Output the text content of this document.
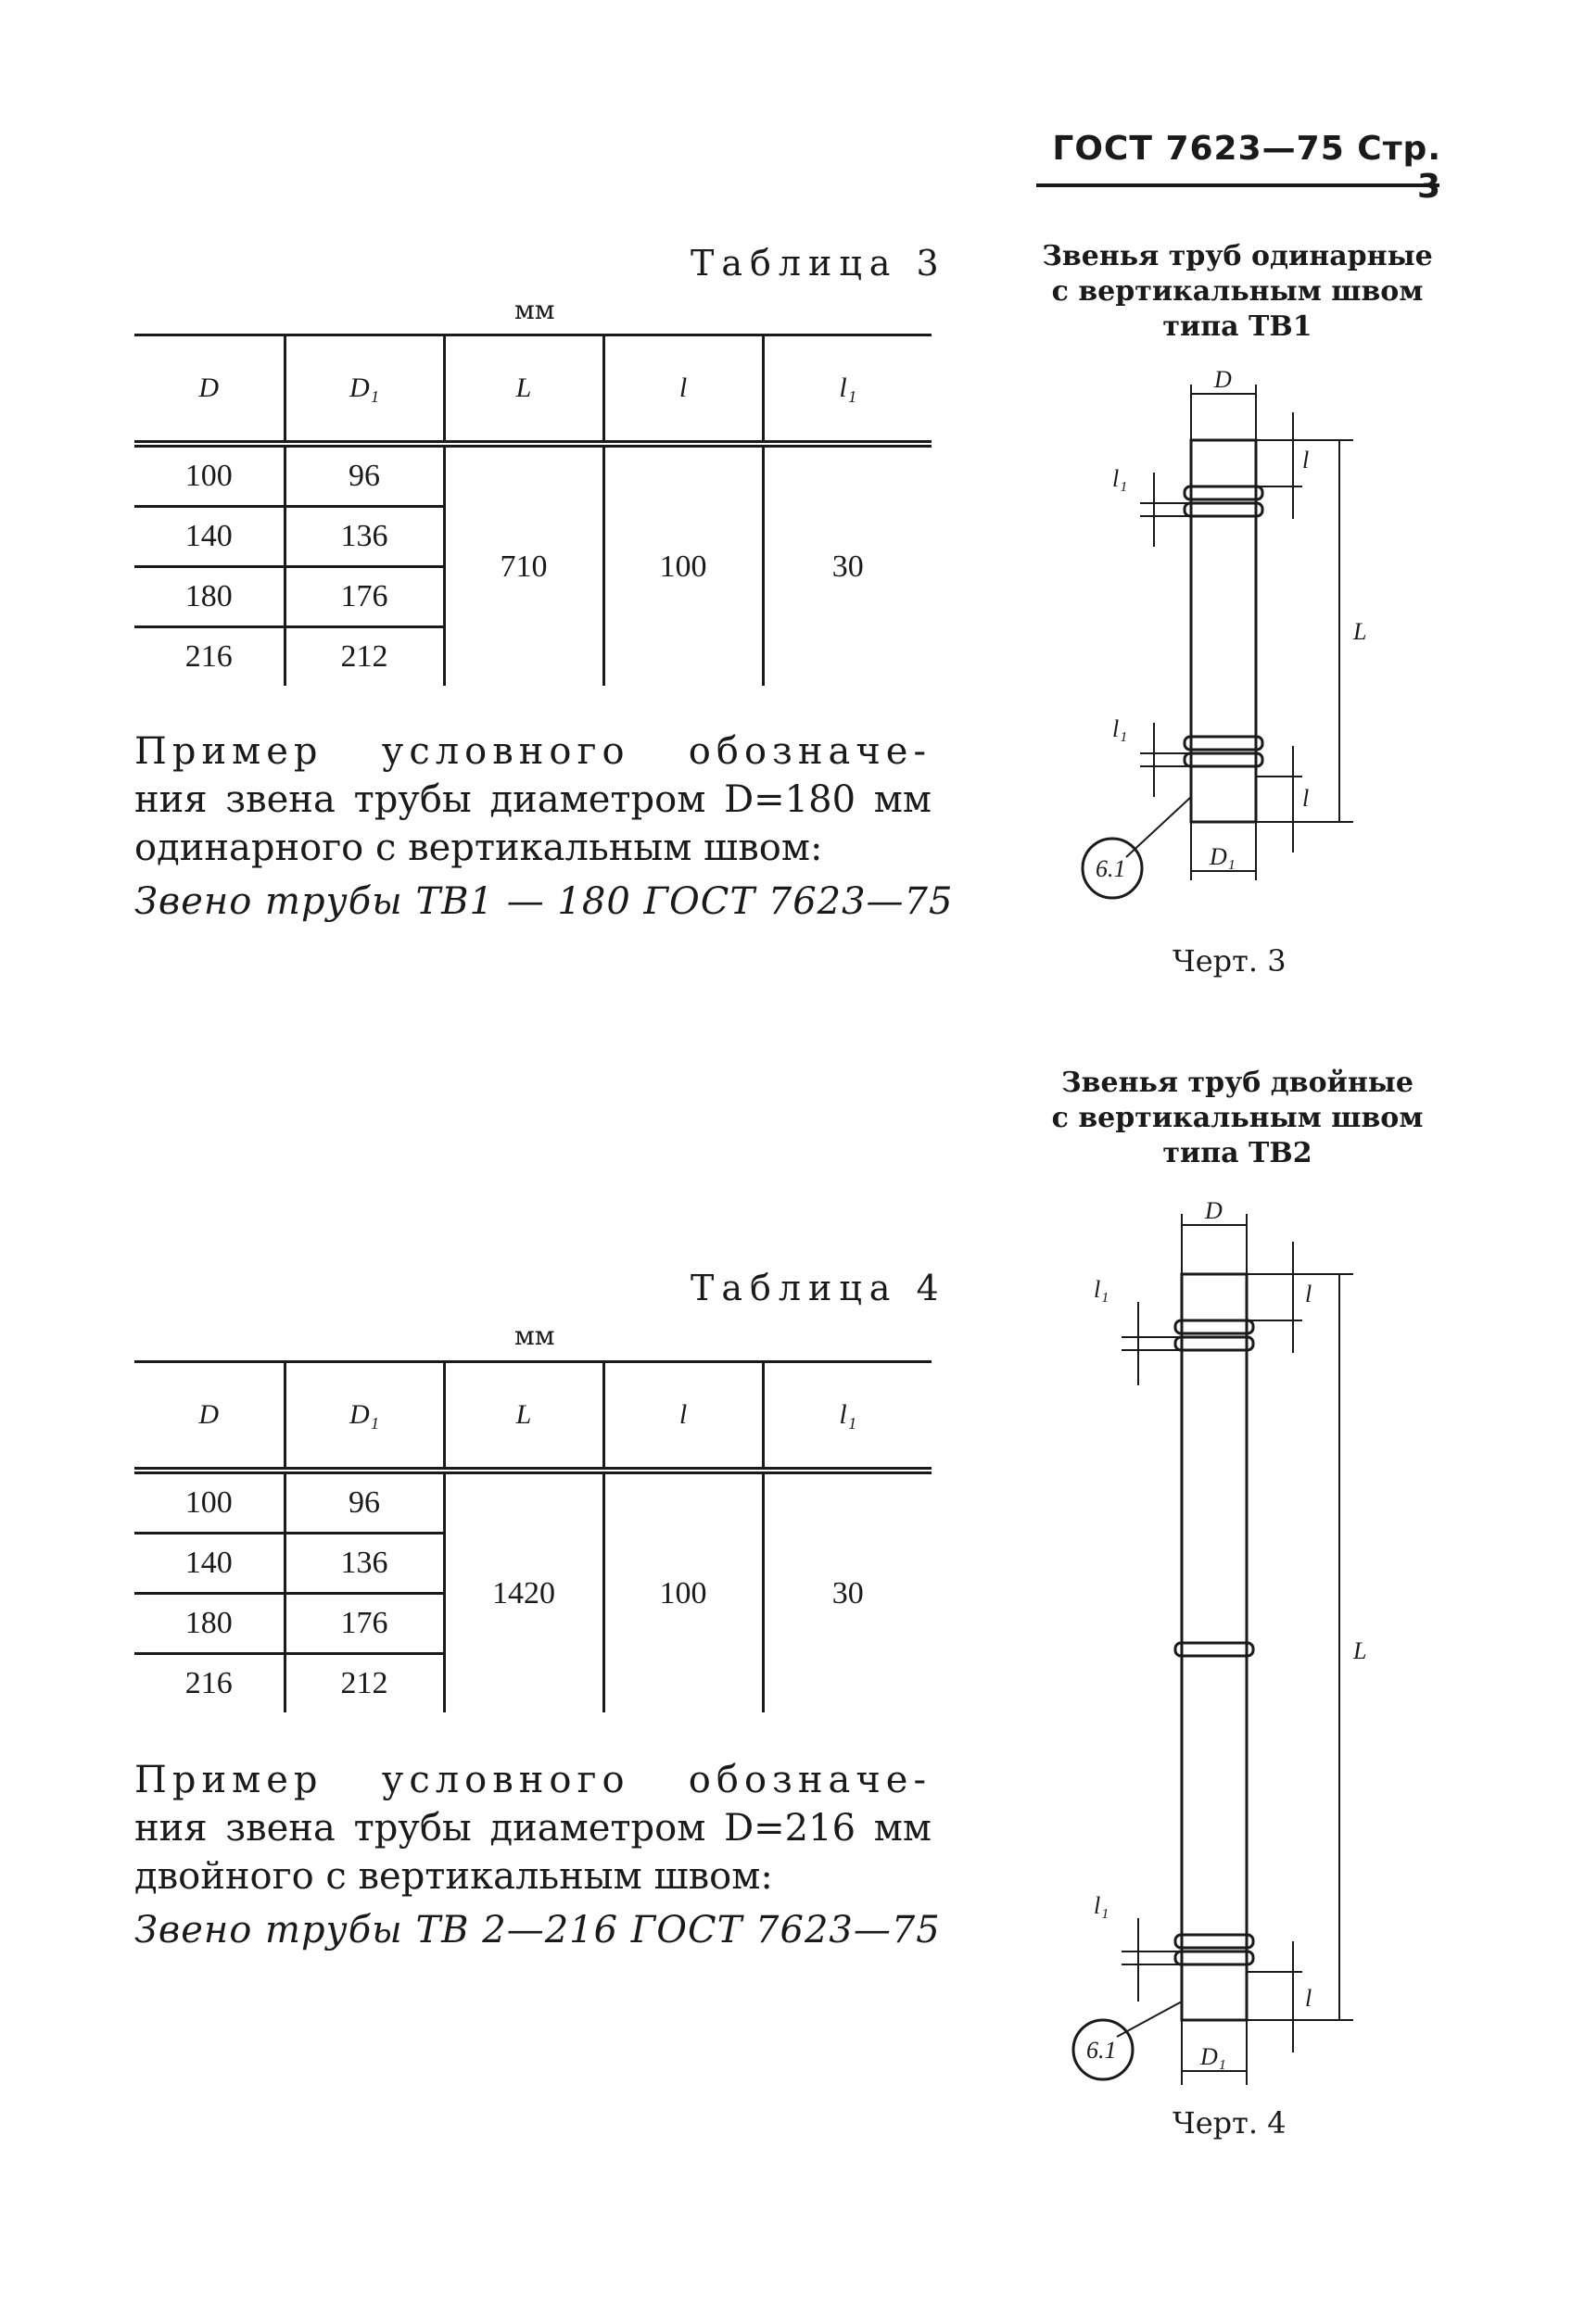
ГОСТ 7623—75 Стр. 3
Таблица 3
мм
D	D₁	L	l	l₁
100	96	710	100	30
140	136			
180	176			
216	212			
Пример условного обозначе-
ния звена трубы диаметром D=180 мм
одинарного с вертикальным швом:
Звено трубы ТВ1 — 180 ГОСТ 7623—75
Звенья труб одинарные
с вертикальным швом
типа ТВ1
D
D₁
L
l
l
l₁
l₁
6.1
Черт. 3
Таблица 4
мм
D	D₁	L	l	l₁
100	96	1420	100	30
140	136			
180	176			
216	212			
Пример условного обозначе-
ния звена трубы диаметром D=216 мм
двойного с вертикальным швом:
Звено трубы ТВ 2—216 ГОСТ 7623—75
Звенья труб двойные
с вертикальным швом
типа ТВ2
D
D₁
L
l
l
l₁
l₁
6.1
Черт. 4
